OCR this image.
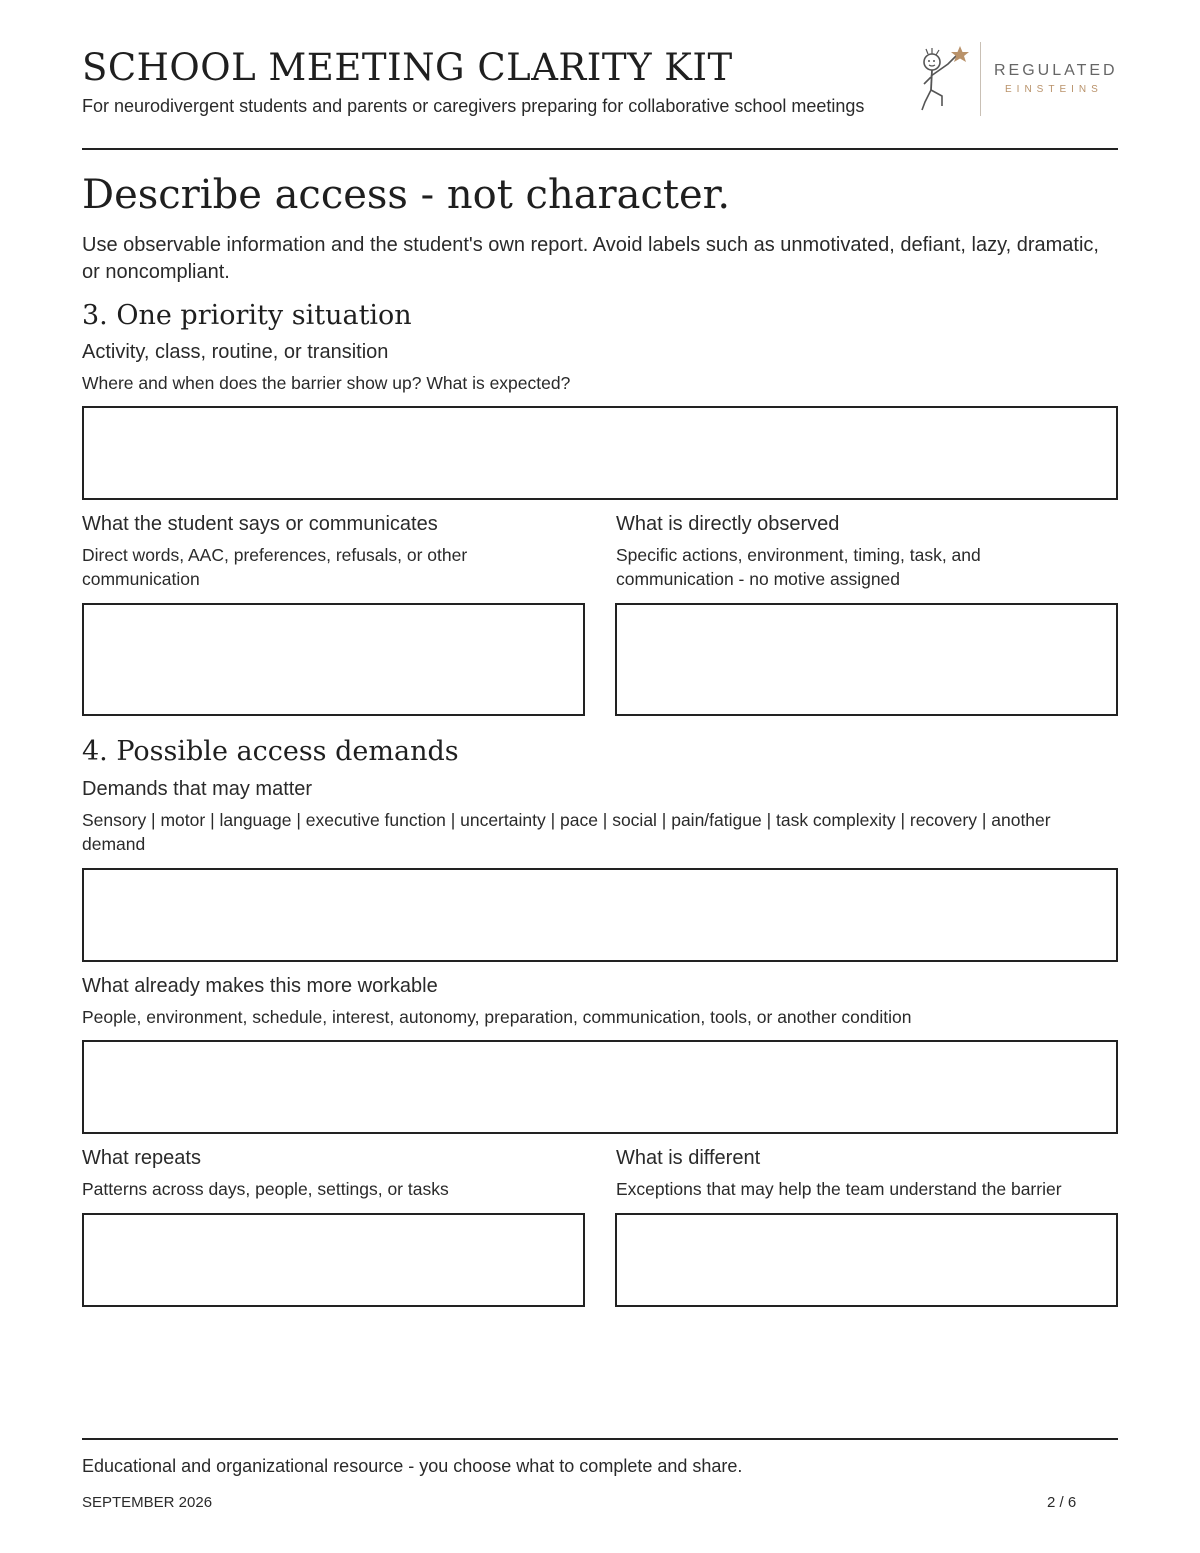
SCHOOL MEETING CLARITY KIT
For neurodivergent students and parents or caregivers preparing for collaborative school meetings
REGULATED
EINSTEINS
Describe access - not character.
Use observable information and the student's own report. Avoid labels such as unmotivated, defiant, lazy, dramatic, or noncompliant.
3. One priority situation
Activity, class, routine, or transition
Where and when does the barrier show up? What is expected?
What the student says or communicates
Direct words, AAC, preferences, refusals, or other communication
What is directly observed
Specific actions, environment, timing, task, and communication - no motive assigned
4. Possible access demands
Demands that may matter
Sensory | motor | language | executive function | uncertainty | pace | social | pain/fatigue | task complexity | recovery | another demand
What already makes this more workable
People, environment, schedule, interest, autonomy, preparation, communication, tools, or another condition
What repeats
Patterns across days, people, settings, or tasks
What is different
Exceptions that may help the team understand the barrier
Educational and organizational resource - you choose what to complete and share.
SEPTEMBER 2026	2 / 6
